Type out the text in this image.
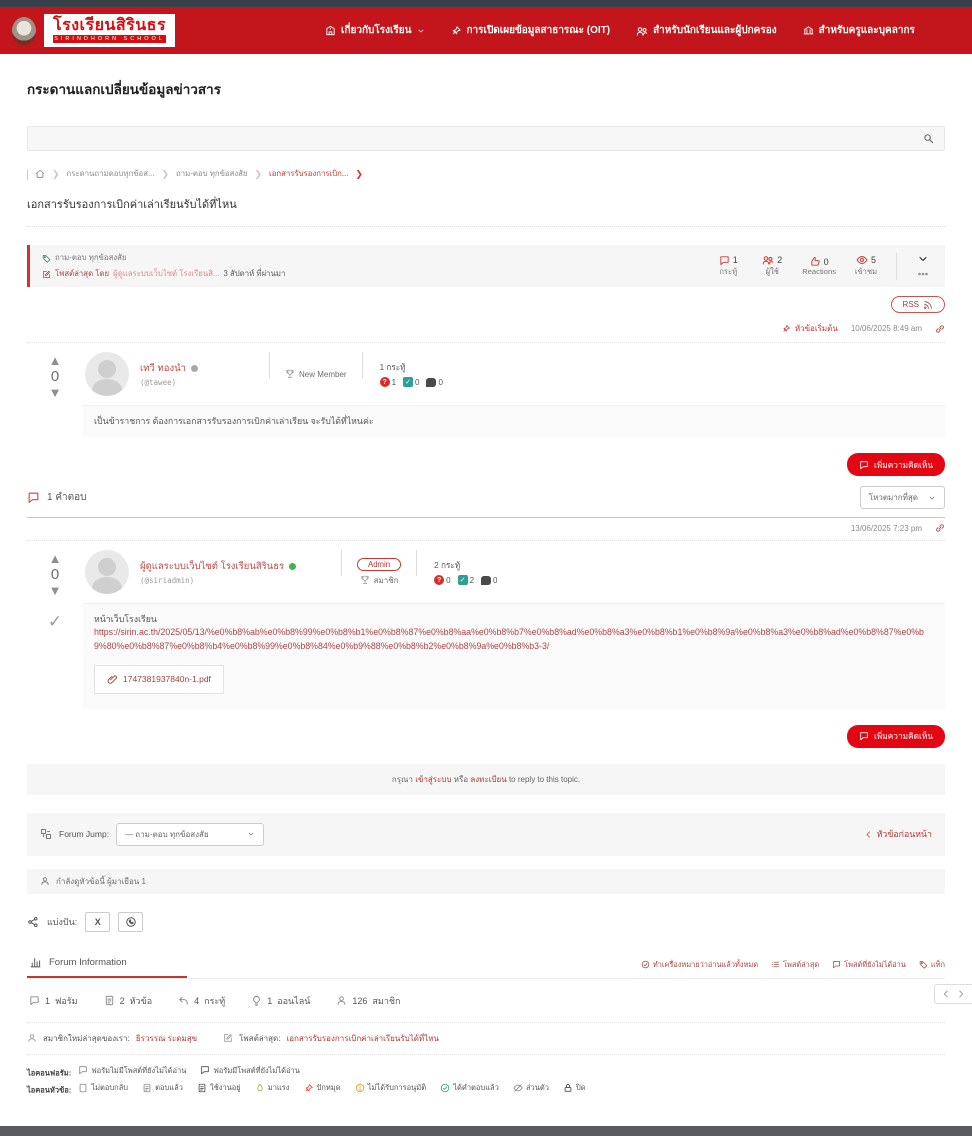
โรงเรียนสิรินธร
SIRINDHORN SCHOOL
เกี่ยวกับโรงเรียน	การเปิดเผยข้อมูลสาธารณะ (OIT)	สำหรับนักเรียนและผู้ปกครอง	สำหรับครูและบุคลากร
กระดานแลกเปลี่ยนข้อมูลข่าวสาร
❯ กระดานถามตอบทุกข้อส... ❯ ถาม-ตอบ ทุกข้อสงสัย ❯ เอกสารรับรองการเบิก... ❯
เอกสารรับรองการเบิกค่าเล่าเรียนรับได้ที่ไหน
ถาม-ตอบ ทุกข้อสงสัย
โพสต์ล่าสุด โดย ผู้ดูแลระบบเว็บไซต์ โรงเรียนสิ... 3 สัปดาห์ ที่ผ่านมา
1
กระทู้
2
ผู้ใช้
0
Reactions
5
เข้าชม
RSS
หัวข้อเริ่มต้น 10/06/2025 8:49 am
▲
0
▼
เทวี ทองนำ
(@tawee)
New Member
1 กระทู้
? 1 ✓ 0 0
เป็นข้าราชการ ต้องการเอกสารรับรองการเบิกค่าเล่าเรียน จะรับได้ที่ไหนค่ะ
เพิ่มความคิดเห็น
1 คำตอบ	โหวตมากที่สุด
13/06/2025 7:23 pm
▲
0
▼
✓
ผู้ดูแลระบบเว็บไซต์ โรงเรียนสิรินธร
(@siriadmin)
Admin
สมาชิก
2 กระทู้
? 0 ✓ 2 0
หน้าเว็บโรงเรียน
https://sirin.ac.th/2025/05/13/%e0%b8%ab%e0%b8%99%e0%b8%b1%e0%b8%87%e0%b8%aa%e0%b8%b7%e0%b8%ad%e0%b8%a3%e0%b8%b1%e0%b8%9a%e0%b8%a3%e0%b8%ad%e0%b8%87%e0%b9%80%e0%b8%87%e0%b8%b4%e0%b8%99%e0%b8%84%e0%b9%88%e0%b8%b2%e0%b8%9a%e0%b8%b3-3/
1747381937840n-1.pdf
เพิ่มความคิดเห็น
กรุณา เข้าสู่ระบบ หรือ ลงทะเบียน to reply to this topic.
Forum Jump: — ถาม-ตอบ ทุกข้อสงสัย	หัวข้อก่อนหน้า
กำลังดูหัวข้อนี้ ผู้มาเยือน 1
แบ่งปัน: X
Forum Information	ทำเครื่องหมายว่าอ่านแล้วทั้งหมด	โพสต์ล่าสุด	โพสต์ที่ยังไม่ได้อ่าน	แท็ก
1 ฟอรัม	2 หัวข้อ	4 กระทู้	1 ออนไลน์	126 สมาชิก
สมาชิกใหม่ล่าสุดของเรา: ธิรวรรณ ระดมสุข	โพสต์ล่าสุด: เอกสารรับรองการเบิกค่าเล่าเรียนรับได้ที่ไหน
ไอคอนฟอรัม:	ฟอรัมไม่มีโพสต์ที่ยังไม่ได้อ่าน
	ฟอรัมมีโพสต์ที่ยังไม่ได้อ่าน
ไอคอนหัวข้อ:	ไม่ตอบกลับ
	ตอบแล้ว
	ใช้งานอยู่
	มาแรง
	ปักหมุด
	ไม่ได้รับการอนุมัติ
	ได้คำตอบแล้ว
	ส่วนตัว
	ปิด
